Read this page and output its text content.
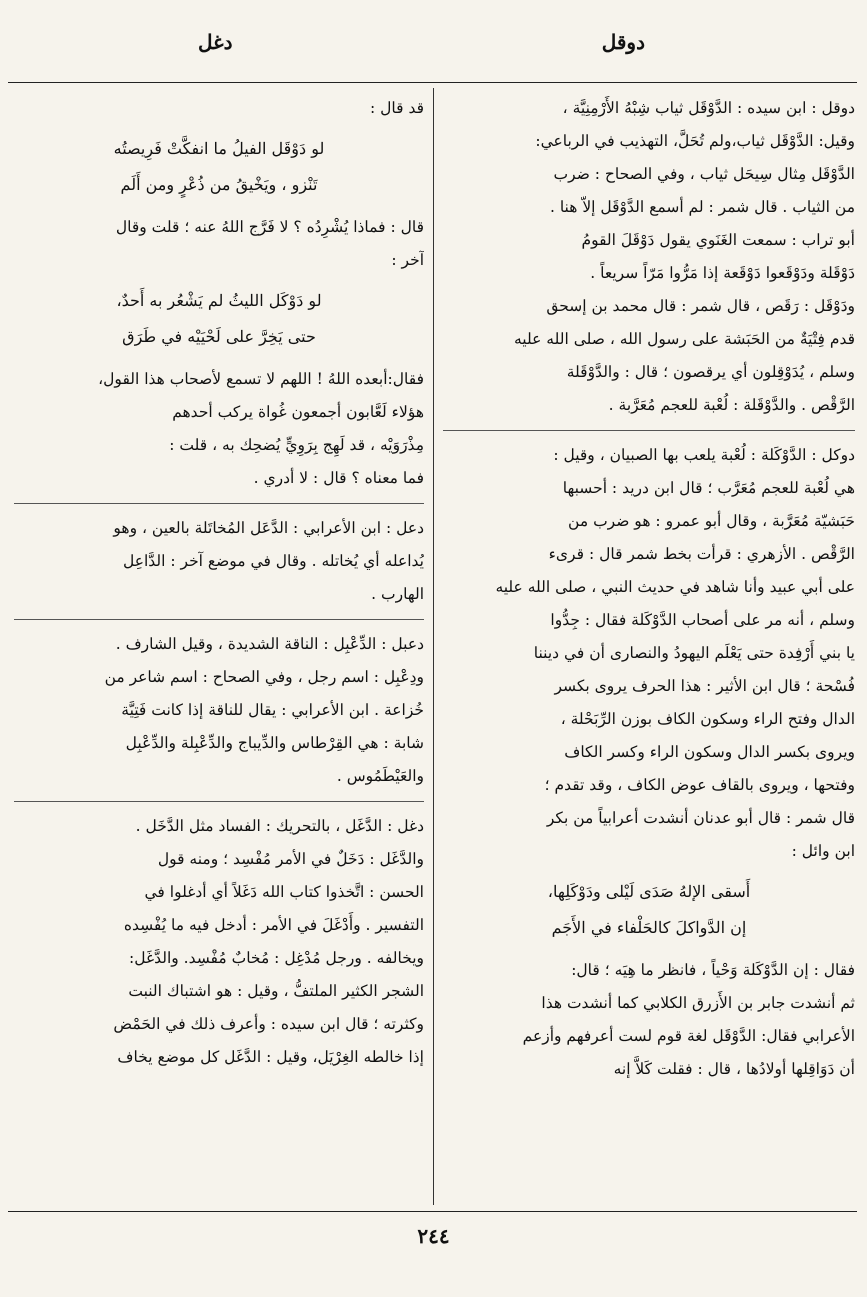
دوقل
دغل
دوقل : ابن سيده : الدَّوْقَل ثياب شِبْهُ الأَرْمِنِيَّة ،
وقيل: الدَّوْقَل ثياب،ولم تُحَلَّ، التهذيب في الرباعي:
الدَّوْقَل مِثال سِيحَل ثياب ، وفي الصحاح : ضرب
من الثياب . قال شمر : لم أسمع الدَّوْقَل إلاّ هنا .
أبو تراب : سمعت الغَنَوي يقول دَوْقَلَ القومُ
دَوْقَلة ودَوْقَعوا دَوْقَعة إذا مَرُّوا مَرّاً سريعاً .
ودَوْقَل : رَقَص ، قال شمر : قال محمد بن إسحق
قدم فِتْيَةٌ من الحَبَشة على رسول الله ، صلى الله عليه
وسلم ، يُدَوْقِلون أي يرقصون ؛ قال : والدَّوْقَلة
الرَّقْص . والدَّوْقَلة : لُعْبة للعجم مُعَرَّبة .
دوكل : الدَّوْكَلة : لُعْبة يلعب بها الصبيان ، وقيل :
هي لُعْبة للعجم مُعَرَّب ؛ قال ابن دريد : أحسبها
حَبَشيّة مُعَرَّبة ، وقال أبو عمرو : هو ضرب من
الرَّقْص . الأزهري : قرأت بخط شمر قال : قرىء
على أبي عبيد وأنا شاهد في حديث النبي ، صلى الله عليه
وسلم ، أنه مر على أصحاب الدَّوْكَلة فقال : جِدُّوا
يا بني أَرْفِدة حتى يَعْلَم اليهودُ والنصارى أن في ديننا
فُسْحة ؛ قال ابن الأثير : هذا الحرف يروى بكسر
الدال وفتح الراء وسكون الكاف بوزن الرِّبَحْلة ،
ويروى بكسر الدال وسكون الراء وكسر الكاف
وفتحها ، ويروى بالقاف عوض الكاف ، وقد تقدم ؛
قال شمر : قال أبو عدنان أنشدت أعرابياً من بكر
ابن وائل :
أَسقى الإلهُ صَدَى لَيْلى ودَوْكَلِها،
إن الدَّواكلَ كالحَلْفاء في الأَجَم
فقال : إن الدَّوْكَلة وَحْياً ، فانظر ما هِيَه ؛ قال:
ثم أنشدت جابر بن الأَزرق الكلابي كما أنشدت هذا
الأعرابي فقال: الدَّوْقَل لغة قوم لست أعرفهم وأزعم
أن دَوَاقِلها أولادُها ، قال : فقلت كَلاَّ إنه
قد قال :
لو دَوْقَل الفيلُ ما انفكَّتْ فَرِيصتُه
تَنْزو ، ويَخْيقُ من ذُعْرٍ ومن أَلَم
قال : فماذا يُشْرِدُه ؟ لا فَرَّج اللهُ عنه ؛ قلت وقال
آخر :
لو دَوْكَل الليثُ لم يَشْعُر به أَحدٌ،
حتى يَخِرَّ على لَحْيَيْه في طَرَق
فقال:أبعده اللهُ ! اللهم لا تسمع لأصحاب هذا القول،
هؤلاء لَعَّابون أجمعون غُواة يركب أحدهم
مِذْرَوَيْه ، قد لَهِج بِرَوِيٍّ يُضحِك به ، قلت :
فما معناه ؟ قال : لا أدري .
دعل : ابن الأعرابي : الدَّعَل المُخاتَلة بالعين ، وهو
يُداعله أي يُخاتله . وقال في موضع آخر : الدَّاعِل
الهارب .
دعبل : الدِّعْبِل : الناقة الشديدة ، وقيل الشارف .
ودِعْبِل : اسم رجل ، وفي الصحاح : اسم شاعر من
خُزاعة . ابن الأعرابي : يقال للناقة إذا كانت فَتِيَّة
شابة : هي القِرْطاس والدِّيباج والدِّعْبِلة والدِّعْبِل
والعَيْطَمُوس .
دغل : الدَّغَل ، بالتحريك : الفساد مثل الدَّخَل .
والدَّغَل : دَخَلٌ في الأمر مُفْسِد ؛ ومنه قول
الحسن : اتَّخذوا كتاب الله دَغَلاً أي أدغلوا في
التفسير . وأَدْغَلَ في الأمر : أدخل فيه ما يُفْسِده
ويخالفه . ورجل مُدْغِل : مُخابٌ مُفْسِد. والدَّغَل:
الشجر الكثير الملتفُّ ، وقيل : هو اشتباك النبت
وكثرته ؛ قال ابن سيده : وأعرف ذلك في الحَمْض
إذا خالطه الغِرْيَل، وقيل : الدَّغَل كل موضع يخاف
٢٤٤
